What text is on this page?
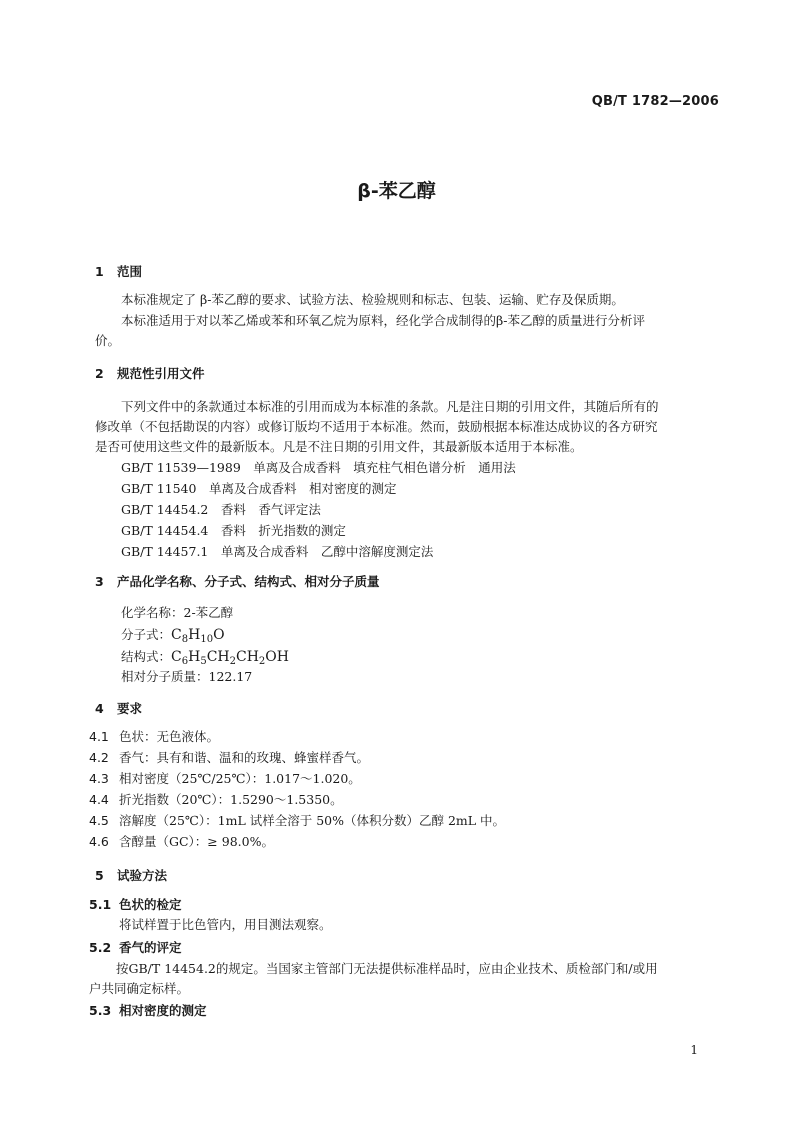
QB/T 1782—2006
β-苯乙醇
1 范围
本标准规定了 β-苯乙醇的要求、试验方法、检验规则和标志、包装、运输、贮存及保质期。
本标准适用于对以苯乙烯或苯和环氧乙烷为原料，经化学合成制得的β-苯乙醇的质量进行分析评
价。
2 规范性引用文件
下列文件中的条款通过本标准的引用而成为本标准的条款。凡是注日期的引用文件，其随后所有的
修改单（不包括勘误的内容）或修订版均不适用于本标准。然而，鼓励根据本标准达成协议的各方研究
是否可使用这些文件的最新版本。凡是不注日期的引用文件，其最新版本适用于本标准。
GB/T 11539—1989　单离及合成香料　填充柱气相色谱分析　通用法
GB/T 11540　单离及合成香料　相对密度的测定
GB/T 14454.2　香料　香气评定法
GB/T 14454.4　香料　折光指数的测定
GB/T 14457.1　单离及合成香料　乙醇中溶解度测定法
3 产品化学名称、分子式、结构式、相对分子质量
化学名称：2-苯乙醇
分子式：$C_8H_{10}O$
结构式：$C_6H_5CH_2CH_2OH$
相对分子质量：122.17
4 要求
4.1 色状：无色液体。
4.2 香气：具有和谐、温和的玫瑰、蜂蜜样香气。
4.3 相对密度（25℃/25℃）：1.017～1.020。
4.4 折光指数（20℃）：1.5290～1.5350。
4.5 溶解度（25℃）：1mL 试样全溶于 50%（体积分数）乙醇 2mL 中。
4.6 含醇量（GC）：≥ 98.0%。
5 试验方法
5.1 色状的检定
将试样置于比色管内，用目测法观察。
5.2 香气的评定
按GB/T 14454.2的规定。当国家主管部门无法提供标准样品时，应由企业技术、质检部门和/或用
户共同确定标样。
5.3 相对密度的测定
1
